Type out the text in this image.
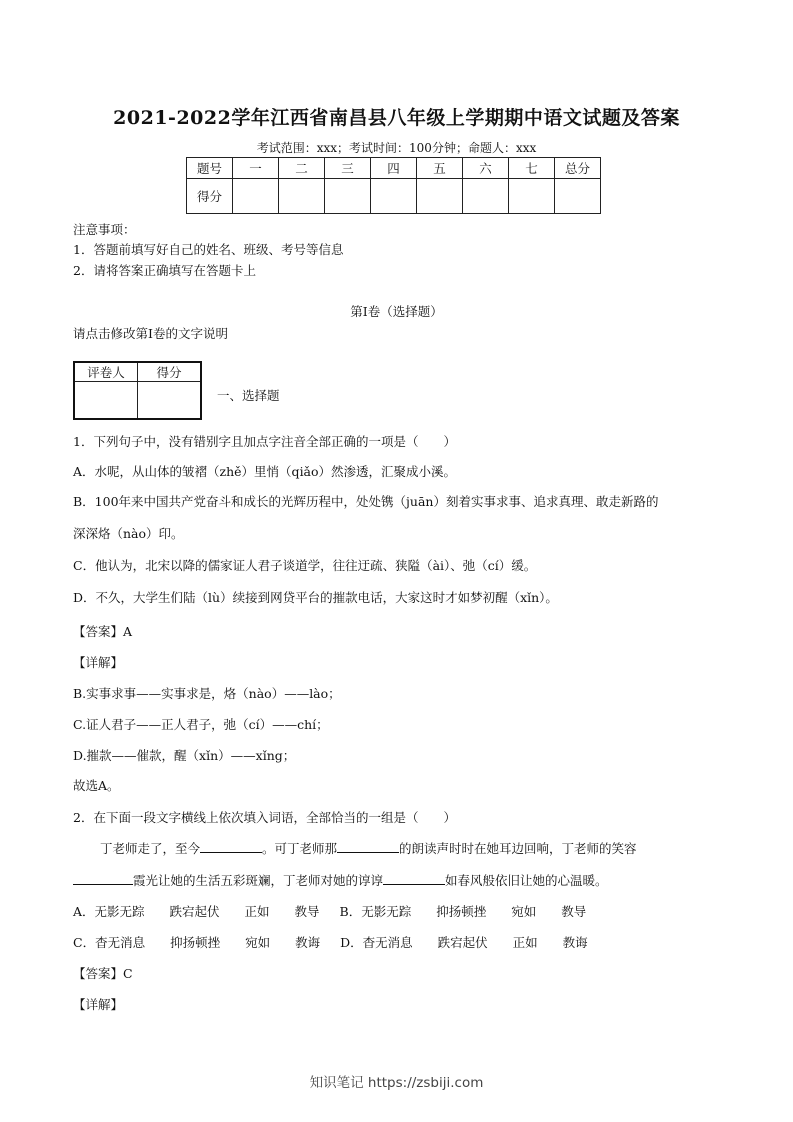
2021-2022学年江西省南昌县八年级上学期期中语文试题及答案
考试范围：xxx；考试时间：100分钟；命题人：xxx
题号	一	二	三	四	五	六	七	总分
得分								
注意事项：
1．答题前填写好自己的姓名、班级、考号等信息
2．请将答案正确填写在答题卡上
第I卷（选择题）
请点击修改第I卷的文字说明
评卷人	得分

一、选择题
1．下列句子中，没有错别字且加点字注音全部正确的一项是（　　）
A．水呢，从山体的皱褶（zhě）里悄（qiǎo）然渗透，汇聚成小溪。
B．100年来中国共产党奋斗和成长的光辉历程中，处处镌（juān）刻着实事求事、追求真理、敢走新路的
深深烙（nào）印。
C．他认为，北宋以降的儒家证人君子谈道学，往往迂疏、狭隘（ài）、弛（cí）缓。
D．不久，大学生们陆（lù）续接到网贷平台的摧款电话，大家这时才如梦初醒（xǐn）。
【答案】A
【详解】
B.实事求事——实事求是，烙（nào）——lào；
C.证人君子——正人君子，弛（cí）——chí；
D.摧款——催款，醒（xǐn）——xǐng；
故选A。
2．在下面一段文字横线上依次填入词语，全部恰当的一组是（　　）
丁老师走了，至今	。可丁老师那	的朗读声时时在她耳边回响，丁老师的笑容
霞光让她的生活五彩斑斓，丁老师对她的谆谆	如春风般依旧让她的心温暖。
A．无影无踪　　跌宕起伏　　正如　　教导 B．无影无踪　　抑扬顿挫　　宛如　　教导
C．杳无消息　　抑扬顿挫　　宛如　　教诲 D．杳无消息　　跌宕起伏　　正如　　教诲
【答案】C
【详解】
知识笔记 https://zsbiji.com
